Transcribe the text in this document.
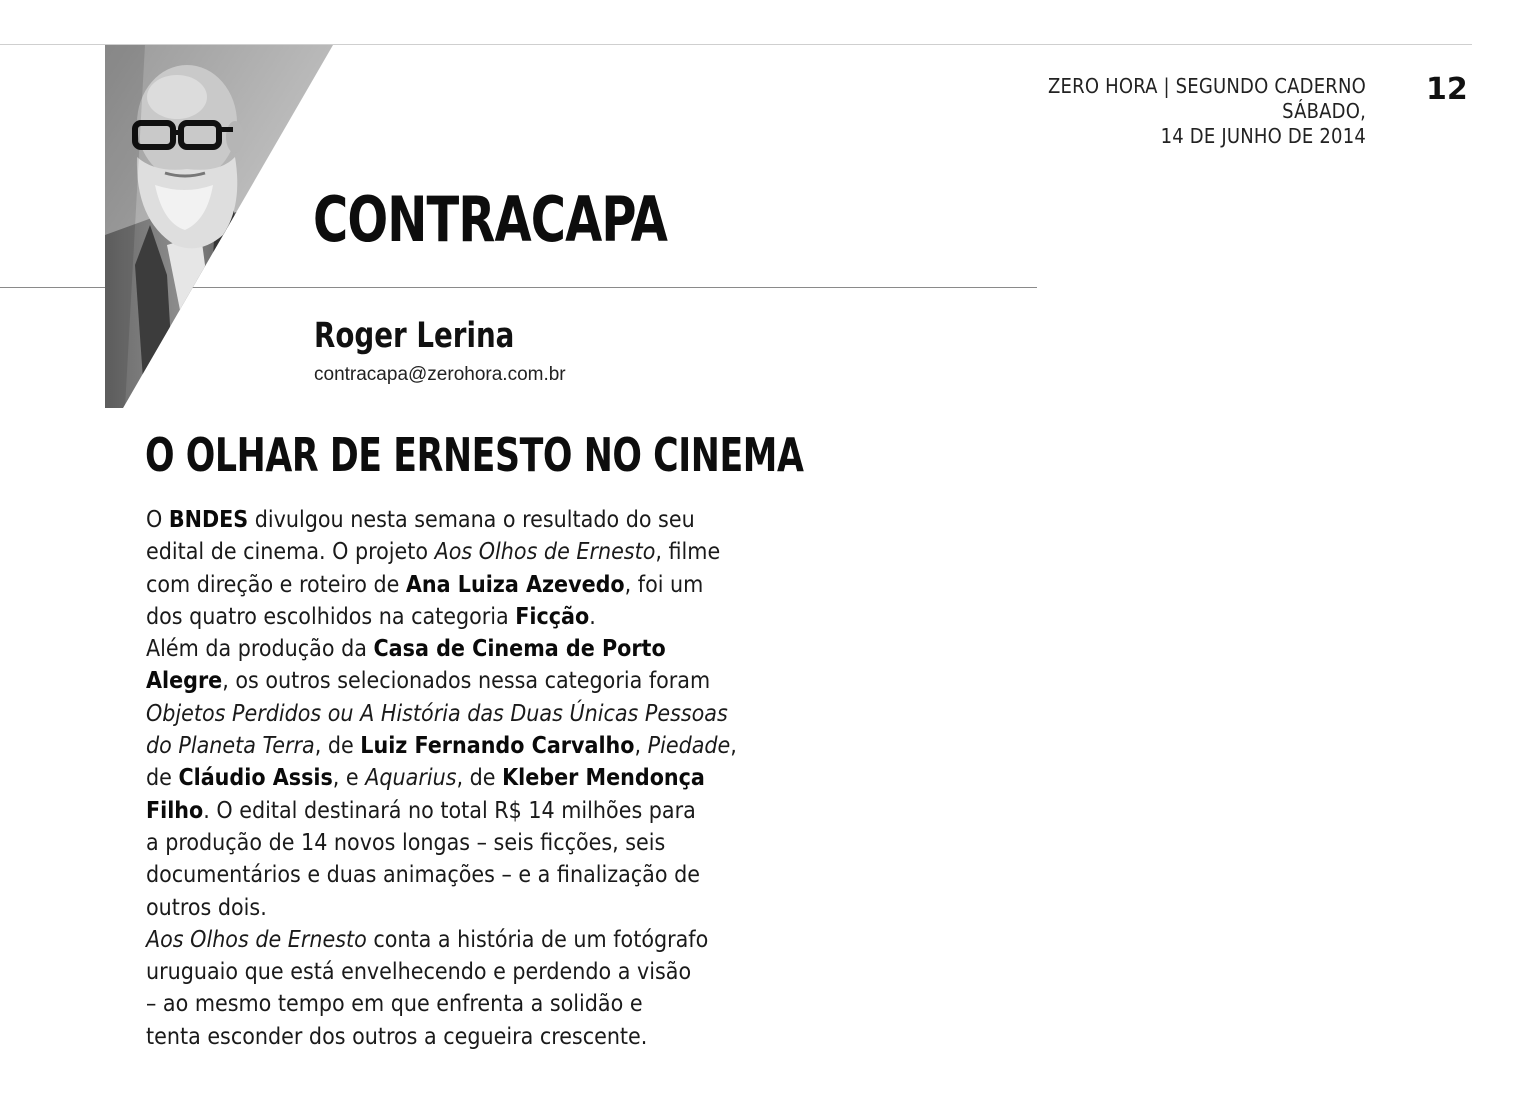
ZERO HORA | SEGUNDO CADERNO
SÁBADO,
14 DE JUNHO DE 2014
12
CONTRACAPA
Roger Lerina
contracapa@zerohora.com.br
O OLHAR DE ERNESTO NO CINEMA
O BNDES divulgou nesta semana o resultado do seu
edital de cinema. O projeto Aos Olhos de Ernesto, filme
com direção e roteiro de Ana Luiza Azevedo, foi um
dos quatro escolhidos na categoria Ficção.
Além da produção da Casa de Cinema de Porto
Alegre, os outros selecionados nessa categoria foram
Objetos Perdidos ou A História das Duas Únicas Pessoas
do Planeta Terra, de Luiz Fernando Carvalho, Piedade,
de Cláudio Assis, e Aquarius, de Kleber Mendonça
Filho. O edital destinará no total R$ 14 milhões para
a produção de 14 novos longas – seis ficções, seis
documentários e duas animações – e a finalização de
outros dois.
Aos Olhos de Ernesto conta a história de um fotógrafo
uruguaio que está envelhecendo e perdendo a visão
– ao mesmo tempo em que enfrenta a solidão e
tenta esconder dos outros a cegueira crescente.
